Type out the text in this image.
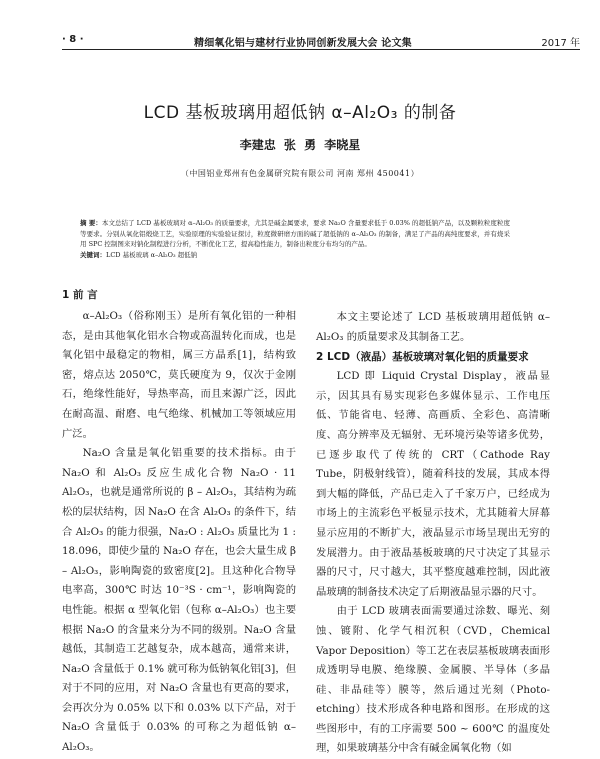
· 8 ·	精细氧化铝与建材行业协同创新发展大会 论文集	2017 年
LCD 基板玻璃用超低钠 α–Al₂O₃ 的制备
李建忠 张 勇 李晓星
（中国铝业郑州有色金属研究院有限公司 河南 郑州 450041）
摘 要：本文总结了 LCD 基板玻璃对 α–Al₂O₃ 的质量要求，尤其是碱金属要求，要求 Na₂O 含量要求低于 0.03% 的超低钠产品，以及颗粒粒度粒度等要求。分别从氧化铝煅烧工艺，实验原理的实验验证探讨，粒度微研磨方面的碱了超低钠的 α–Al₂O₃ 的制备，满足了产品的高纯度要求，并有烧采用 SPC 控制图来对钠化制程进行分析，不断优化工艺，提高稳性能力，制备出粒度分布均匀的产品。
关键词：LCD 基板玻璃 α–Al₂O₃ 超低钠
1 前 言

α–Al₂O₃（俗称刚玉）是所有氧化铝的一种相态，是由其他氧化铝水合物或高温转化而成，也是氧化铝中最稳定的物相，属三方晶系[1]，结构致密，熔点达 2050℃，莫氏硬度为 9，仅次于金刚石，绝缘性能好，导热率高，而且来源广泛，因此在耐高温、耐磨、电气绝缘、机械加工等领域应用广泛。

Na₂O 含量是氧化铝重要的技术指标。由于 Na₂O 和 Al₂O₃ 反应生成化合物 Na₂O · 11 Al₂O₃，也就是通常所说的 β – Al₂O₃，其结构为疏松的层状结构，因 Na₂O 在含 Al₂O₃ 的条件下，结合 Al₂O₃ 的能力很强，Na₂O : Al₂O₃ 质量比为 1 : 18.096，即使少量的 Na₂O 存在，也会大量生成 β – Al₂O₃，影响陶瓷的致密度[2]。且这种化合物导电率高，300℃ 时达 10⁻³S · cm⁻¹，影响陶瓷的电性能。根据 α 型氧化铝（包称 α–Al₂O₃）也主要根据 Na₂O 的含量来分为不同的级别。Na₂O 含量越低，其制造工艺越复杂，成本越高，通常来讲，Na₂O 含量低于 0.1% 就可称为低钠氧化铝[3]，但对于不同的应用，对 Na₂O 含量也有更高的要求，会再次分为 0.05% 以下和 0.03% 以下产品，对于 Na₂O 含量低于 0.03% 的可称之为超低钠 α–Al₂O₃。

本文主要论述了 LCD 基板玻璃用超低钠 α–Al₂O₃ 的质量要求及其制备工艺。

2 LCD（液晶）基板玻璃对氧化铝的质量要求

LCD 即 Liquid Crystal Display，液晶显示，因其具有易实现彩色多媒体显示、工作电压低、节能省电、轻薄、高画质、全彩色、高清晰度、高分辨率及无辐射、无环境污染等诸多优势，已逐步取代了传统的 CRT（Cathode Ray Tube，阴极射线管），随着科技的发展，其成本得到大幅的降低，产品已走入了千家万户，已经成为市场上的主流彩色平板显示技术，尤其随着大屏幕显示应用的不断扩大，液晶显示市场呈现出无穷的发展潜力。由于液晶基板玻璃的尺寸决定了其显示器的尺寸，尺寸越大，其平整度越难控制，因此液晶玻璃的制备技术决定了后期液晶显示器的尺寸。

由于 LCD 玻璃表面需要通过涂数、曝光、刻蚀、镀附、化学气相沉积（CVD，Chemical Vapor Deposition）等工艺在表层基板玻璃表面形成透明导电膜、绝缘膜、金属膜、半导体（多晶硅、非晶硅等）膜等，然后通过光刻（Photo-etching）技术形成各种电路和图形。在形成的这些图形中，有的工序需要 500 ~ 600℃ 的温度处理，如果玻璃基分中含有碱金属氧化物（如
